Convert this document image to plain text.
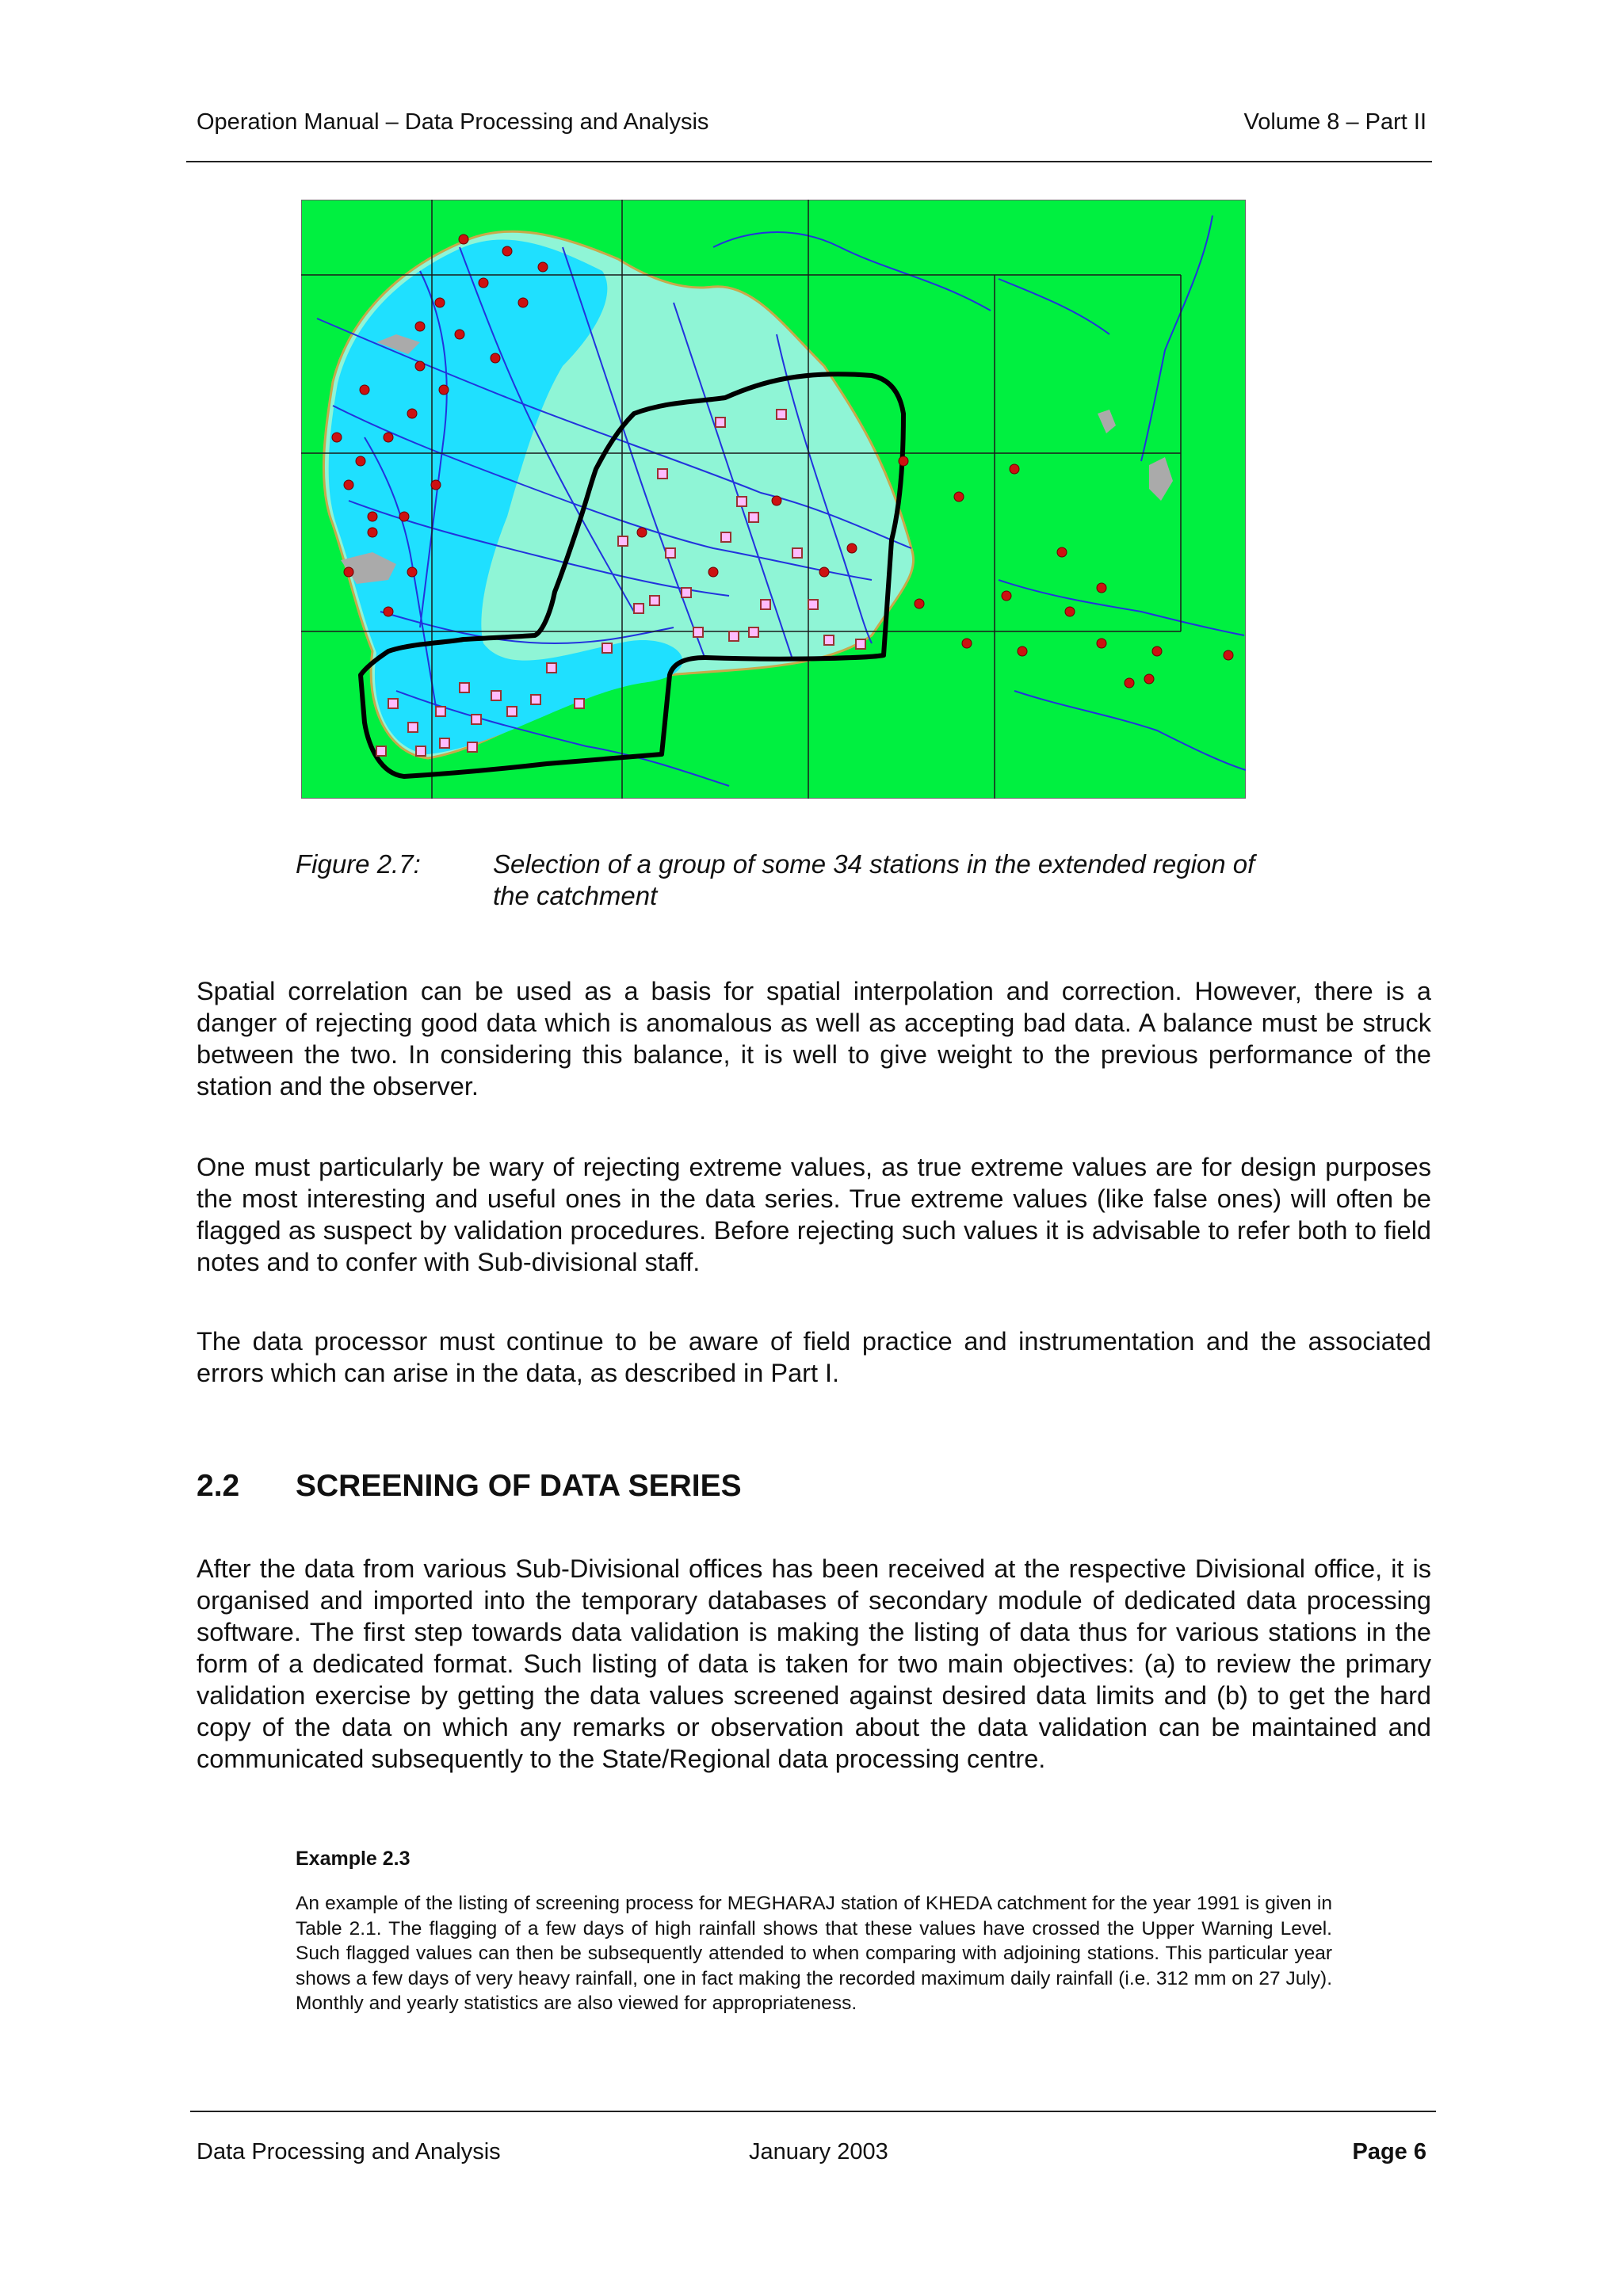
Operation Manual – Data Processing and Analysis	Volume 8 – Part II
Figure 2.7:	Selection of a group of some 34 stations in the extended region of
the catchment
Spatial correlation can be used as a basis for spatial interpolation and correction. However, there is a danger of rejecting good data which is anomalous as well as accepting bad data. A balance must be struck between the two. In considering this balance, it is well to give weight to the previous performance of the station and the observer.
One must particularly be wary of rejecting extreme values, as true extreme values are for design purposes the most interesting and useful ones in the data series. True extreme values (like false ones) will often be flagged as suspect by validation procedures. Before rejecting such values it is advisable to refer both to field notes and to confer with Sub-divisional staff.
The data processor must continue to be aware of field practice and instrumentation and the associated errors which can arise in the data, as described in Part I.
2.2 SCREENING OF DATA SERIES
After the data from various Sub-Divisional offices has been received at the respective Divisional office, it is organised and imported into the temporary databases of secondary module of dedicated data processing software. The first step towards data validation is making the listing of data thus for various stations in the form of a dedicated format. Such listing of data is taken for two main objectives: (a) to review the primary validation exercise by getting the data values screened against desired data limits and (b) to get the hard copy of the data on which any remarks or observation about the data validation can be maintained and communicated subsequently to the State/Regional data processing centre.
Example 2.3
An example of the listing of screening process for MEGHARAJ station of KHEDA catchment for the year 1991 is given in Table 2.1. The flagging of a few days of high rainfall shows that these values have crossed the Upper Warning Level. Such flagged values can then be subsequently attended to when comparing with adjoining stations. This particular year shows a few days of very heavy rainfall, one in fact making the recorded maximum daily rainfall (i.e. 312 mm on 27 July). Monthly and yearly statistics are also viewed for appropriateness.
Data Processing and Analysis	January 2003	Page 6
